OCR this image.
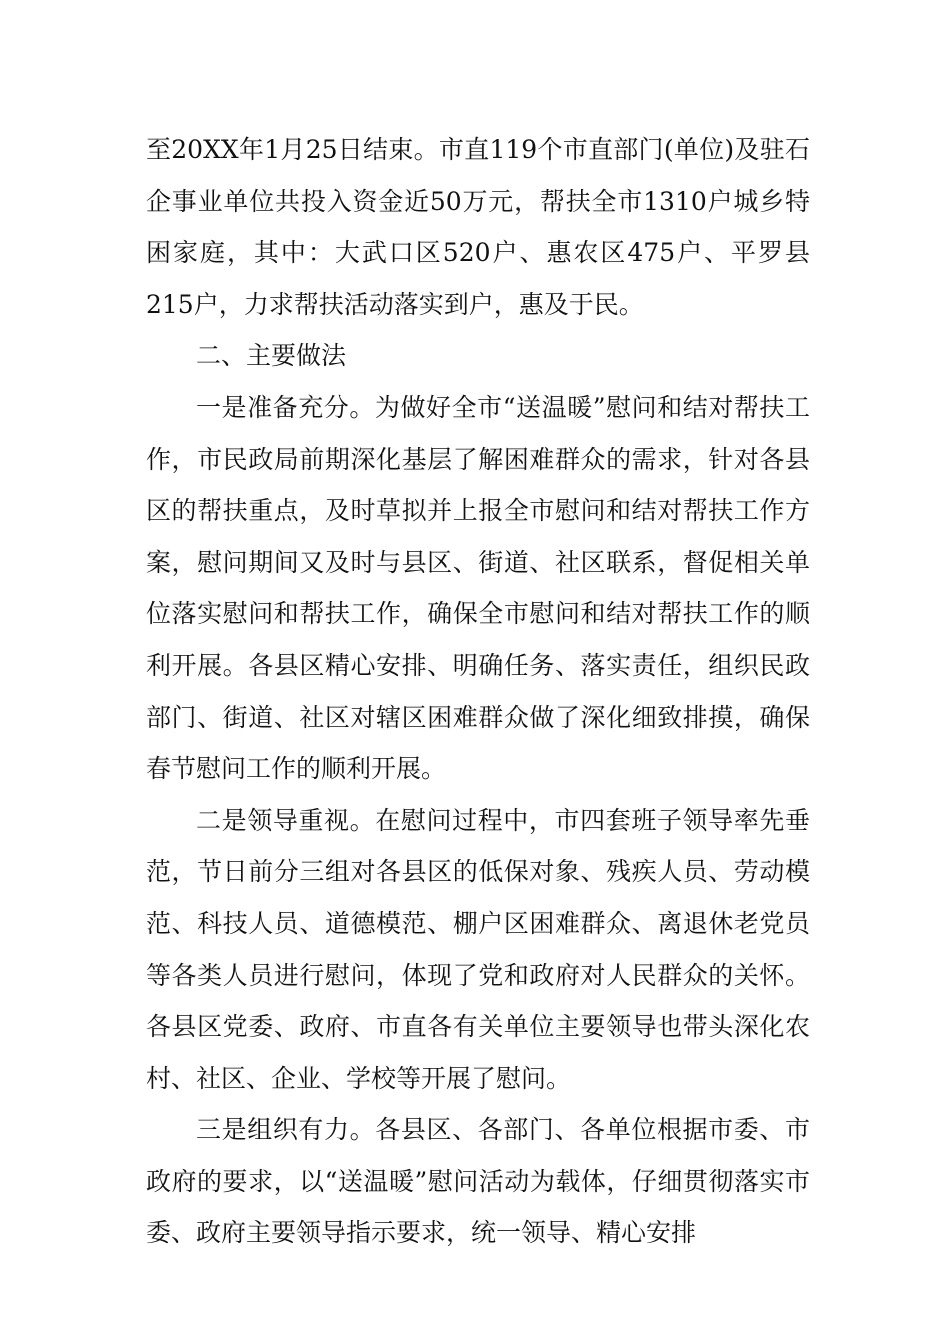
至20XX年1月25日结束。市直119个市直部门(单位)及驻石企事业单位共投入资金近50万元，帮扶全市1310户城乡特困家庭，其中：大武口区520户、惠农区475户、平罗县215户，力求帮扶活动落实到户，惠及于民。

二、主要做法

一是准备充分。为做好全市“送温暖”慰问和结对帮扶工作，市民政局前期深化基层了解困难群众的需求，针对各县区的帮扶重点，及时草拟并上报全市慰问和结对帮扶工作方案，慰问期间又及时与县区、街道、社区联系，督促相关单位落实慰问和帮扶工作，确保全市慰问和结对帮扶工作的顺利开展。各县区精心安排、明确任务、落实责任，组织民政部门、街道、社区对辖区困难群众做了深化细致排摸，确保春节慰问工作的顺利开展。

二是领导重视。在慰问过程中，市四套班子领导率先垂范，节日前分三组对各县区的低保对象、残疾人员、劳动模范、科技人员、道德模范、棚户区困难群众、离退休老党员等各类人员进行慰问，体现了党和政府对人民群众的关怀。各县区党委、政府、市直各有关单位主要领导也带头深化农村、社区、企业、学校等开展了慰问。

三是组织有力。各县区、各部门、各单位根据市委、市政府的要求，以“送温暖”慰问活动为载体，仔细贯彻落实市委、政府主要领导指示要求，统一领导、精心安排
